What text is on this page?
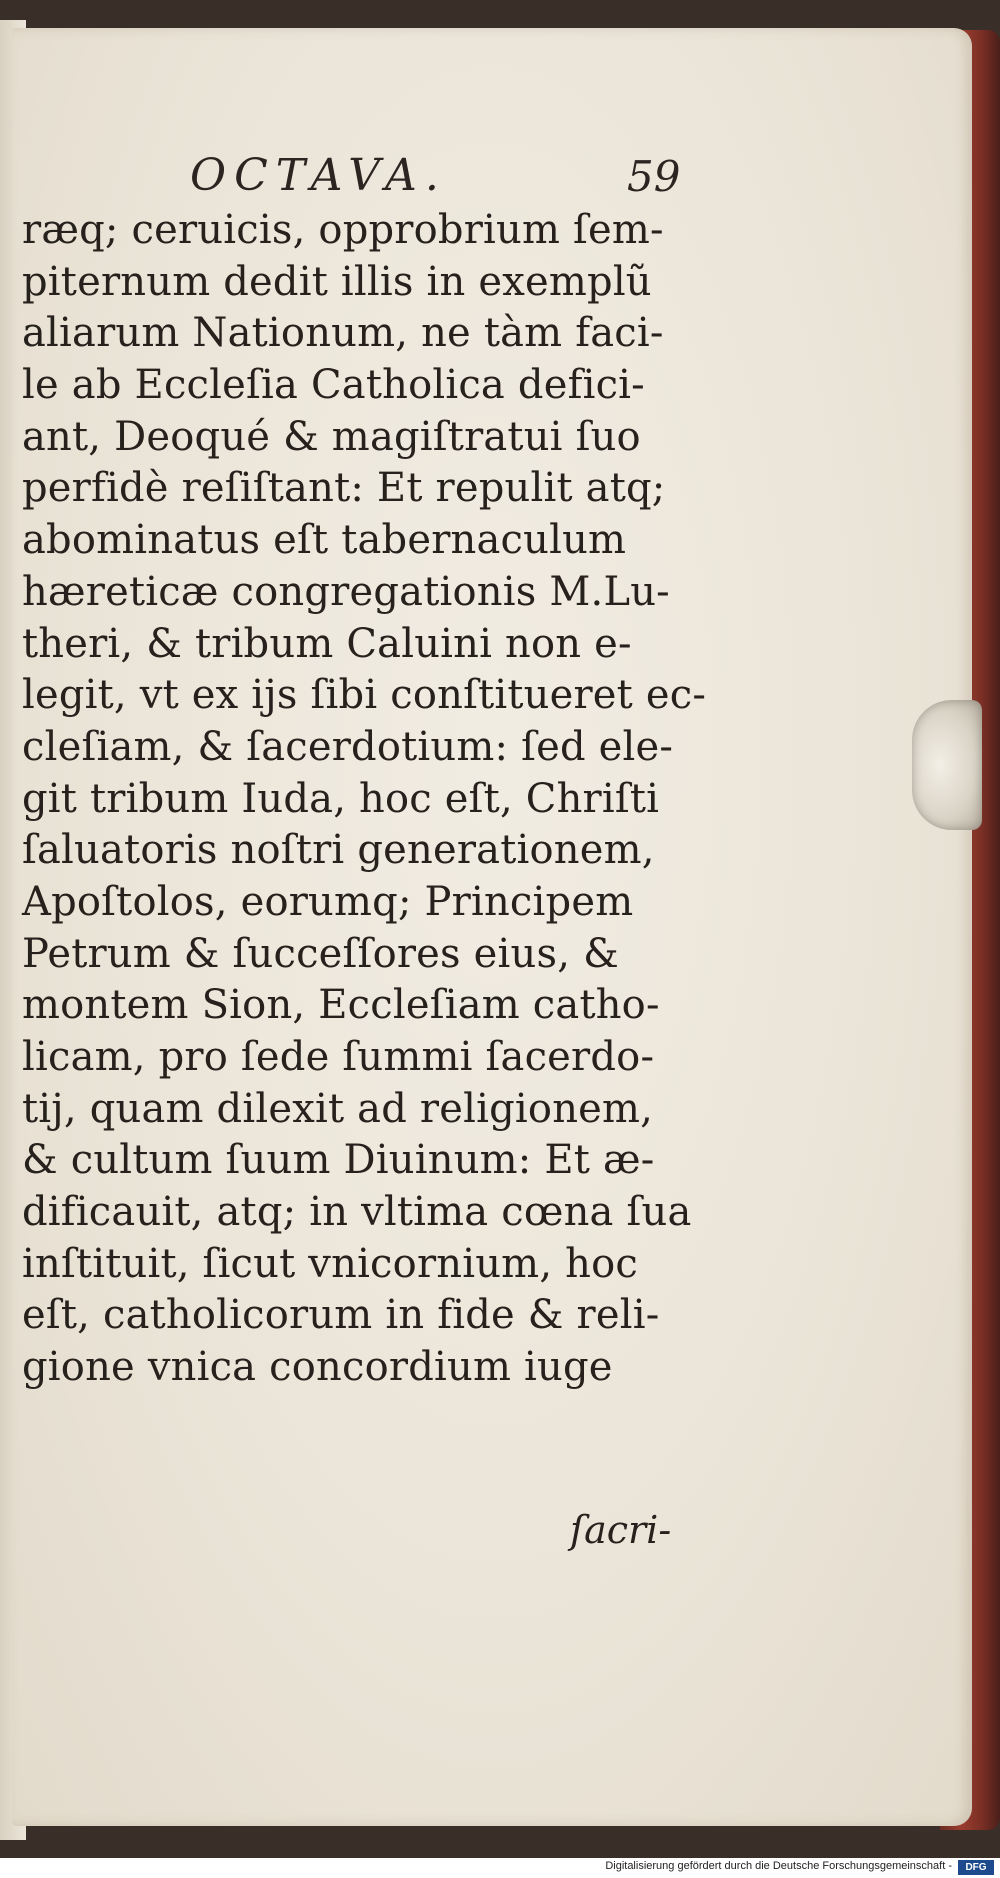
OCTAVA.	59
ræq; ceruicis, opprobrium ſem-
piternum dedit illis in exemplũ
aliarum Nationum, ne tàm faci-
le ab Eccleſia Catholica defici-
ant, Deoqué & magiſtratui ſuo
perfidè reſiſtant: Et repulit atq;
abominatus eſt tabernaculum
hæreticæ congregationis M.Lu-
theri, & tribum Caluini non e-
legit, vt ex ijs ſibi conſtitueret ec-
cleſiam, & ſacerdotium: ſed ele-
git tribum Iuda, hoc eſt, Chriſti
ſaluatoris noſtri generationem,
Apoſtolos, eorumq; Principem
Petrum & ſucceſſores eius, &
montem Sion, Eccleſiam catho-
licam, pro ſede ſummi ſacerdo-
tij, quam dilexit ad religionem,
& cultum ſuum Diuinum: Et æ-
dificauit, atq; in vltima cœna ſua
inſtituit, ſicut vnicornium, hoc
eſt, catholicorum in fide & reli-
gione vnica concordium iuge
ſacri-
Digitalisierung gefördert durch die Deutsche Forschungsgemeinschaft -	DFG
